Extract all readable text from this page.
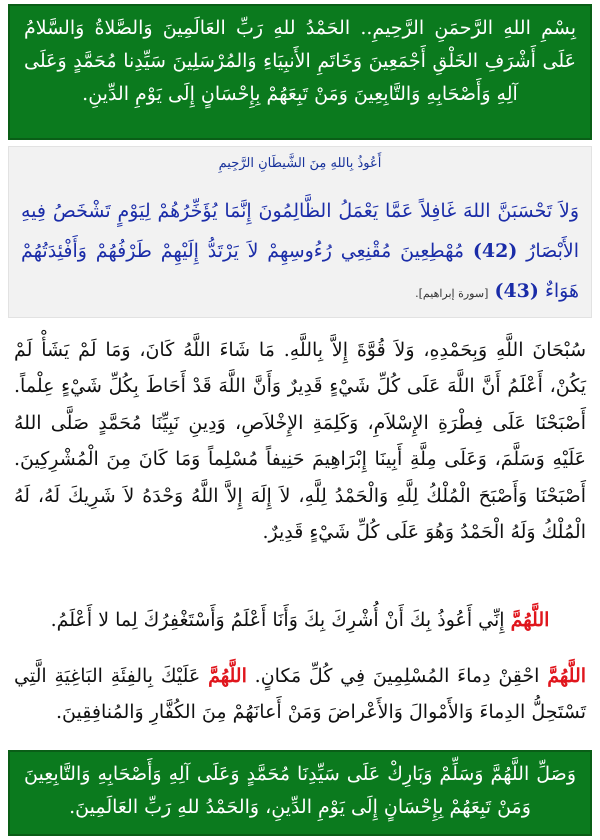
بِسْمِ اللهِ الرَّحمَنِ الرَّحِيمِ.. الحَمْدُ للهِ رَبِّ العَالَمِينَ وَالصَّلاةُ وَالسَّلامُ عَلَى أَشْرَفِ الخَلْقِ أَجْمَعِينَ وَخَاتَمِ الأَنبِيَاءِ وَالمُرْسَلِينَ سَيِّدِنا مُحَمَّدٍ وَعَلَى آلِهِ وَأَصْحَابِهِ وَالتَّابِعِينَ وَمَنْ تَبِعَهُمْ بِإِحْسَانٍ إِلَى يَوْمِ الدِّينِ.
أَعُوذُ بِاللهِ مِنَ الشَّيطَانِ الرَّجِيمِ
وَلاَ تَحْسَبَنَّ اللهَ غَافِلاً عَمَّا يَعْمَلُ الظَّالِمُونَ إِنَّمَا يُؤَخِّرُهُمْ لِيَوْمٍ تَشْخَصُ فِيهِ الأَبْصَارُ (42) مُهْطِعِينَ مُقْنِعِي رُءُوسِهِمْ لاَ يَرْتَدُّ إِلَيْهِمْ طَرْفُهُمْ وَأَفْئِدَتُهُمْ هَوَاءٌ (43) [سورة إبراهيم].
سُبْحَانَ اللَّهِ وَبِحَمْدِهِ، وَلاَ قُوَّةَ إِلاَّ بِاللَّهِ. مَا شَاءَ اللَّهُ كَانَ، وَمَا لَمْ يَشَأْ لَمْ يَكُنْ، أَعْلَمُ أَنَّ اللَّهَ عَلَى كُلِّ شَيْءٍ قَدِيرٌ وَأَنَّ اللَّهَ قَدْ أَحَاطَ بِكُلِّ شَيْءٍ عِلْماً. أَصْبَحْنَا عَلَى فِطْرَةِ الإِسْلاَمِ، وَكَلِمَةِ الإِخْلاَصِ، وَدِينِ نَبِيِّنَا مُحَمَّدٍ صَلَّى اللهُ عَلَيْهِ وَسَلَّمَ، وَعَلَى مِلَّةِ أَبِينَا إِبْرَاهِيمَ حَنِيفاً مُسْلِماً وَمَا كَانَ مِنَ الْمُشْرِكِينَ. أَصْبَحْنَا وَأَصْبَحَ الْمُلْكُ لِلَّهِ وَالْحَمْدُ لِلَّهِ، لاَ إِلَهَ إِلاَّ اللَّهُ وَحْدَهُ لاَ شَرِيكَ لَهُ، لَهُ الْمُلْكُ وَلَهُ الْحَمْدُ وَهُوَ عَلَى كُلِّ شَيْءٍ قَدِيرٌ.
اللَّهُمَّ إِنِّي أَعُوذُ بِكَ أَنْ أُشْرِكَ بِكَ وَأَنَا أَعْلَمُ وَأَسْتَغْفِرُكَ لِما لا أَعْلَمُ.
اللَّهُمَّ احْقِنْ دِماءَ المُسْلِمِينَ فِي كُلِّ مَكانٍ. اللَّهُمَّ عَلَيْكَ بِالفِئَةِ البَاغِيَةِ الَّتِي تَسْتَحِلُّ الدِماءَ وَالأَمْوالَ وَالأَعْراضَ وَمَنْ أَعانَهُمْ مِنَ الكُفَّارِ وَالمُنافِقِينَ.
وَصَلِّ اللَّهُمَّ وَسَلِّمْ وَبَارِكْ عَلَى سَيِّدِنَا مُحَمَّدٍ وَعَلَى آلِهِ وَأَصْحَابِهِ وَالتَّابِعِينَ وَمَنْ تَبِعَهُمْ بِإِحْسَانٍ إِلَى يَوْمِ الدِّينِ، وَالحَمْدُ للهِ رَبِّ العَالَمِينَ.
